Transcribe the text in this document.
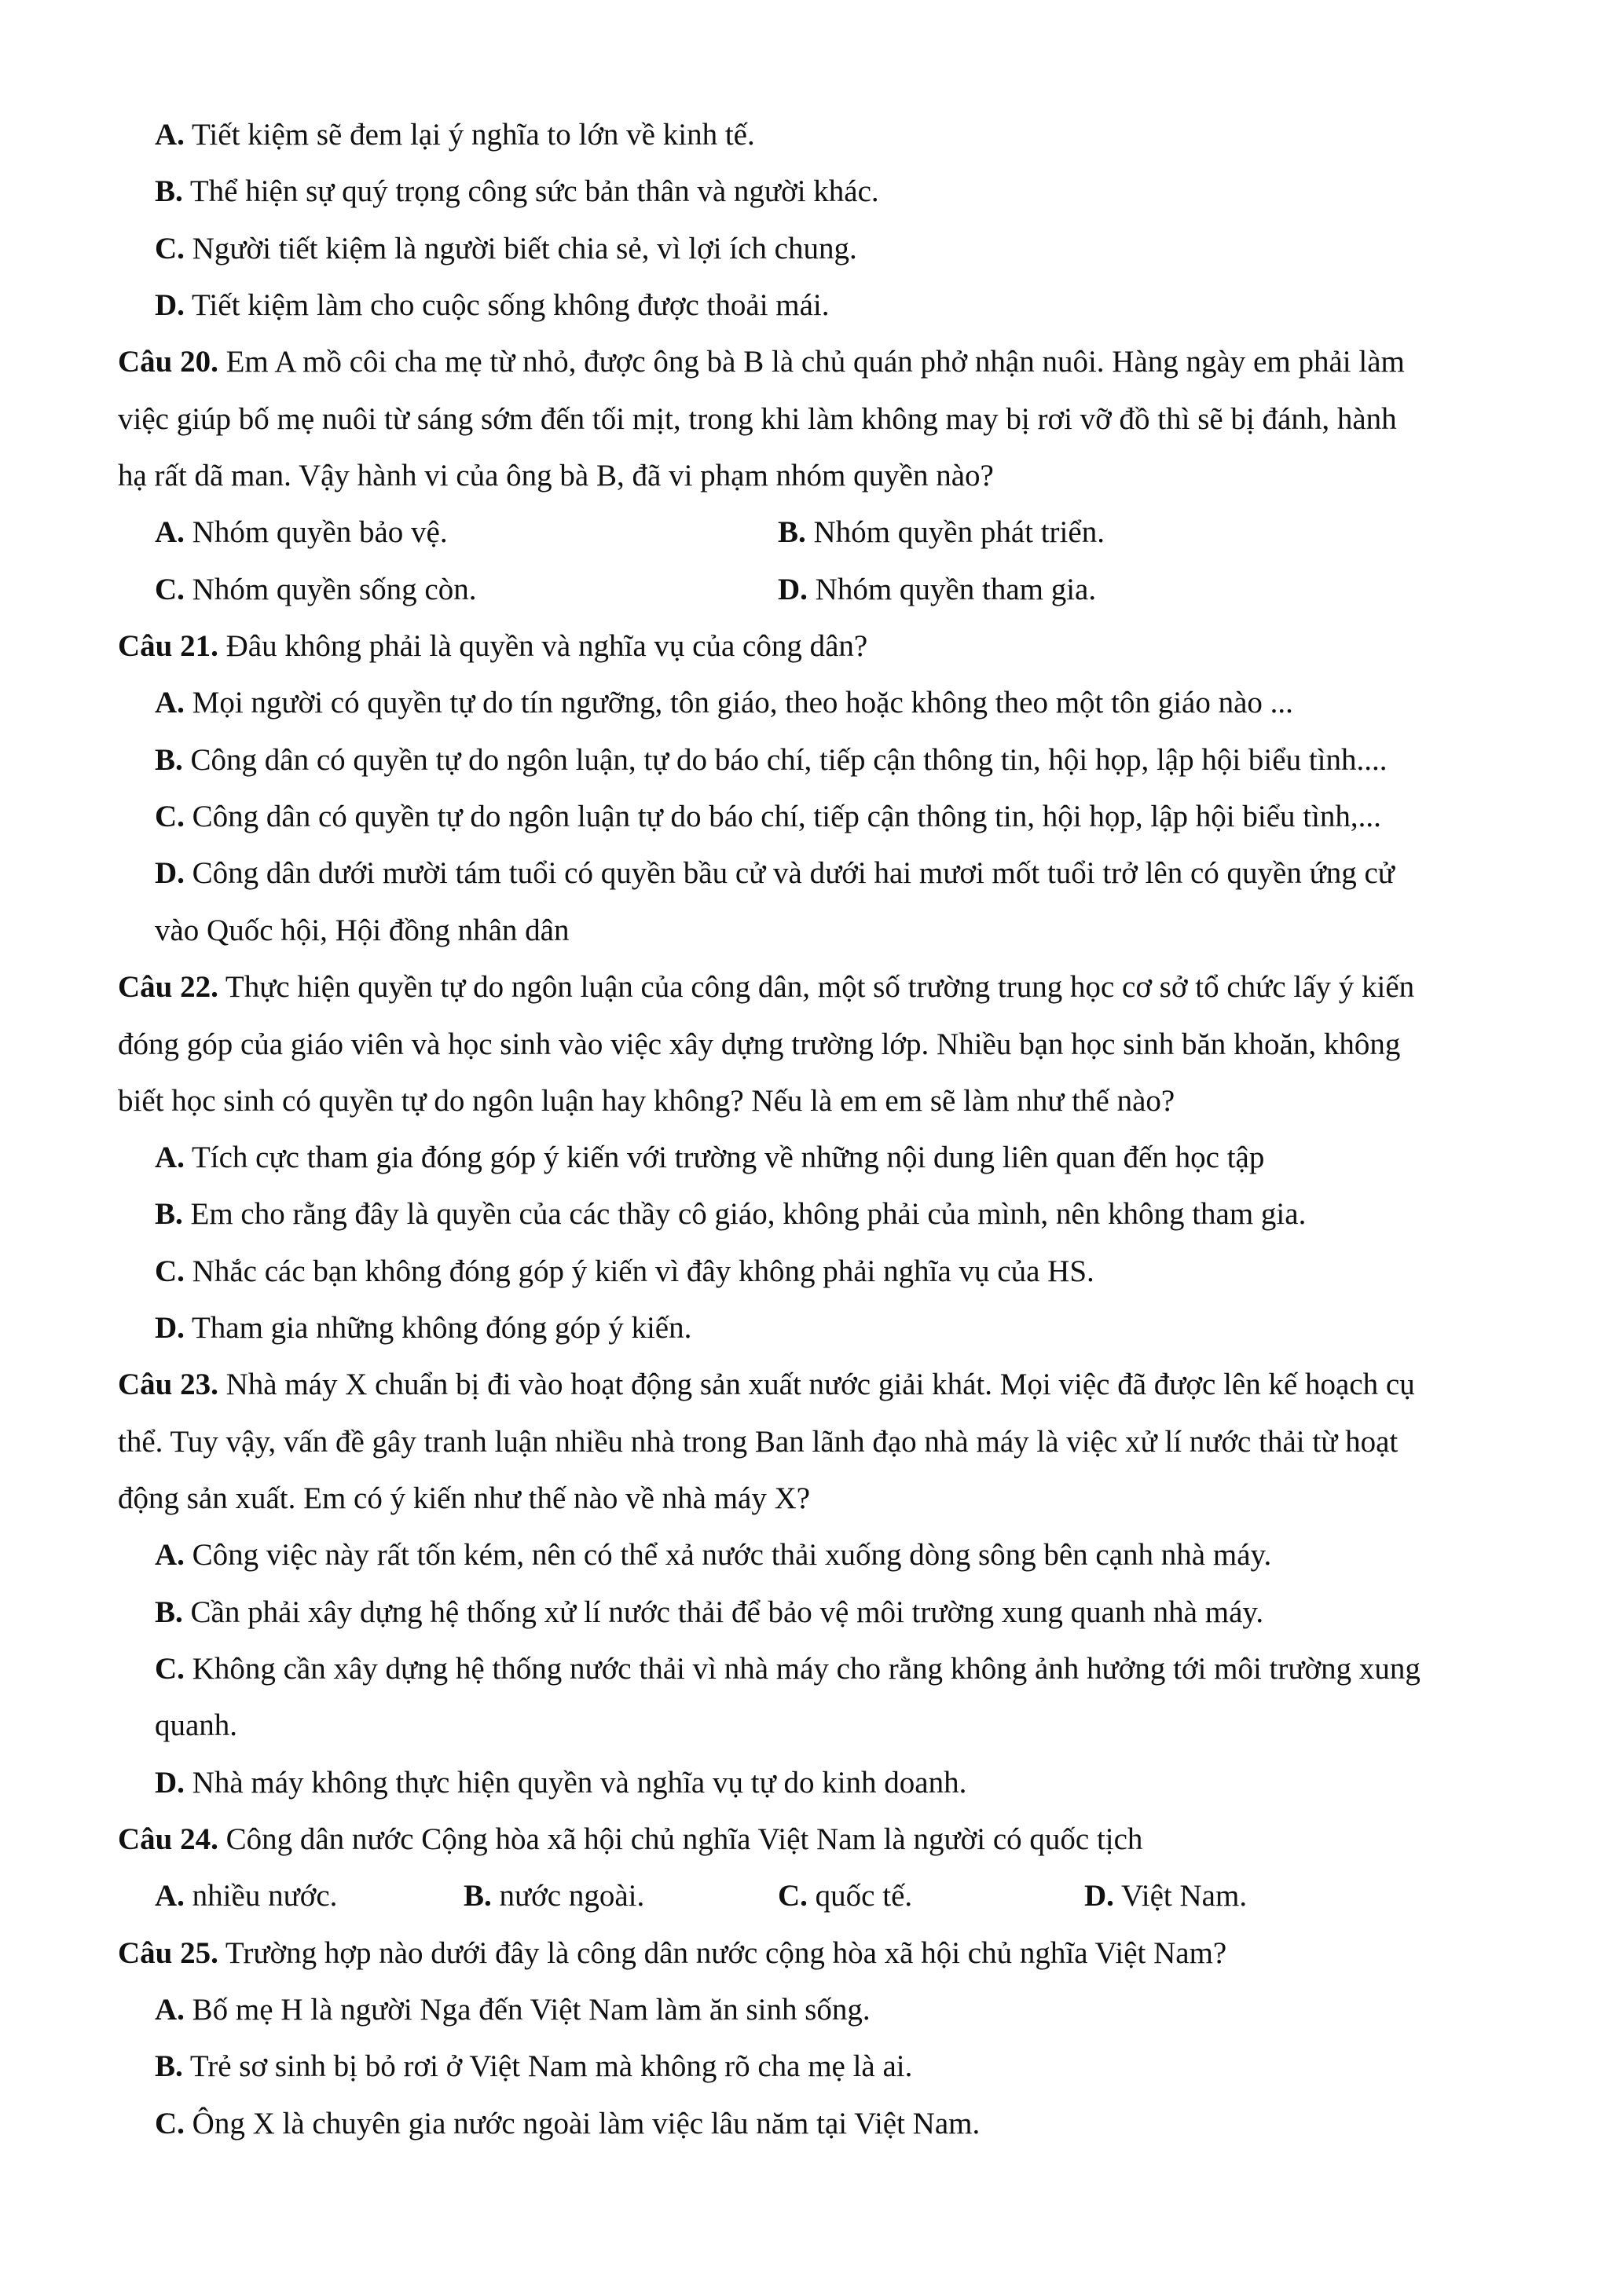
A. Tiết kiệm sẽ đem lại ý nghĩa to lớn về kinh tế.
B. Thể hiện sự quý trọng công sức bản thân và người khác.
C. Người tiết kiệm là người biết chia sẻ, vì lợi ích chung.
D. Tiết kiệm làm cho cuộc sống không được thoải mái.
Câu 20. Em A mồ côi cha mẹ từ nhỏ, được ông bà B là chủ quán phở nhận nuôi. Hàng ngày em phải làm
việc giúp bố mẹ nuôi từ sáng sớm đến tối mịt, trong khi làm không may bị rơi vỡ đồ thì sẽ bị đánh, hành
hạ rất dã man. Vậy hành vi của ông bà B, đã vi phạm nhóm quyền nào?
A. Nhóm quyền bảo vệ.	B. Nhóm quyền phát triển.
C. Nhóm quyền sống còn.	D. Nhóm quyền tham gia.
Câu 21. Đâu không phải là quyền và nghĩa vụ của công dân?
A. Mọi người có quyền tự do tín ngưỡng, tôn giáo, theo hoặc không theo một tôn giáo nào ...
B. Công dân có quyền tự do ngôn luận, tự do báo chí, tiếp cận thông tin, hội họp, lập hội biểu tình....
C. Công dân có quyền tự do ngôn luận tự do báo chí, tiếp cận thông tin, hội họp, lập hội biểu tình,...
D. Công dân dưới mười tám tuổi có quyền bầu cử và dưới hai mươi mốt tuổi trở lên có quyền ứng cử
vào Quốc hội, Hội đồng nhân dân
Câu 22. Thực hiện quyền tự do ngôn luận của công dân, một số trường trung học cơ sở tổ chức lấy ý kiến
đóng góp của giáo viên và học sinh vào việc xây dựng trường lớp. Nhiều bạn học sinh băn khoăn, không
biết học sinh có quyền tự do ngôn luận hay không? Nếu là em em sẽ làm như thế nào?
A. Tích cực tham gia đóng góp ý kiến với trường về những nội dung liên quan đến học tập
B. Em cho rằng đây là quyền của các thầy cô giáo, không phải của mình, nên không tham gia.
C. Nhắc các bạn không đóng góp ý kiến vì đây không phải nghĩa vụ của HS.
D. Tham gia những không đóng góp ý kiến.
Câu 23. Nhà máy X chuẩn bị đi vào hoạt động sản xuất nước giải khát. Mọi việc đã được lên kế hoạch cụ
thể. Tuy vậy, vấn đề gây tranh luận nhiều nhà trong Ban lãnh đạo nhà máy là việc xử lí nước thải từ hoạt
động sản xuất. Em có ý kiến như thế nào về nhà máy X?
A. Công việc này rất tốn kém, nên có thể xả nước thải xuống dòng sông bên cạnh nhà máy.
B. Cần phải xây dựng hệ thống xử lí nước thải để bảo vệ môi trường xung quanh nhà máy.
C. Không cần xây dựng hệ thống nước thải vì nhà máy cho rằng không ảnh hưởng tới môi trường xung
quanh.
D. Nhà máy không thực hiện quyền và nghĩa vụ tự do kinh doanh.
Câu 24. Công dân nước Cộng hòa xã hội chủ nghĩa Việt Nam là người có quốc tịch
A. nhiều nước.	B. nước ngoài.	C. quốc tế.	D. Việt Nam.
Câu 25. Trường hợp nào dưới đây là công dân nước cộng hòa xã hội chủ nghĩa Việt Nam?
A. Bố mẹ H là người Nga đến Việt Nam làm ăn sinh sống.
B. Trẻ sơ sinh bị bỏ rơi ở Việt Nam mà không rõ cha mẹ là ai.
C. Ông X là chuyên gia nước ngoài làm việc lâu năm tại Việt Nam.
